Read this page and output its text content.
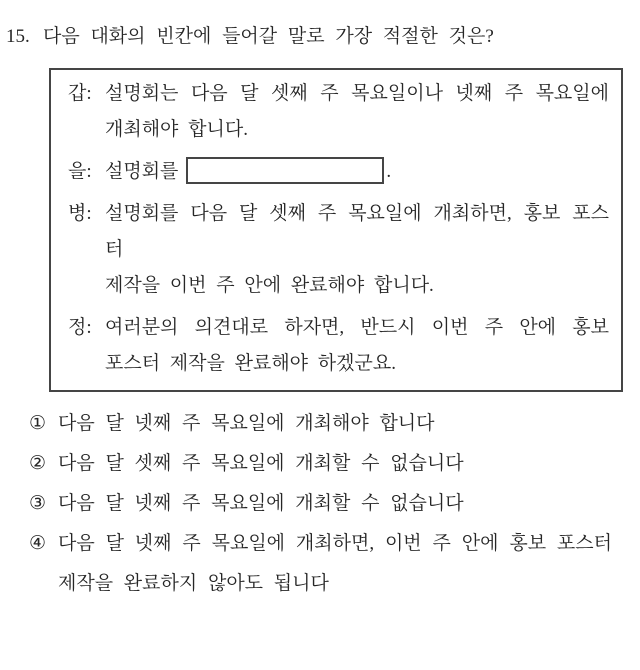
15. 다음 대화의 빈칸에 들어갈 말로 가장 적절한 것은?
갑: 설명회는 다음 달 셋째 주 목요일이나 넷째 주 목요일에
개최해야 합니다.
을: 설명회를	.
병: 설명회를 다음 달 셋째 주 목요일에 개최하면, 홍보 포스터
제작을 이번 주 안에 완료해야 합니다.
정: 여러분의 의견대로 하자면, 반드시 이번 주 안에 홍보
포스터 제작을 완료해야 하겠군요.
① 다음 달 넷째 주 목요일에 개최해야 합니다
② 다음 달 셋째 주 목요일에 개최할 수 없습니다
③ 다음 달 넷째 주 목요일에 개최할 수 없습니다
④ 다음 달 넷째 주 목요일에 개최하면, 이번 주 안에 홍보 포스터
제작을 완료하지 않아도 됩니다
